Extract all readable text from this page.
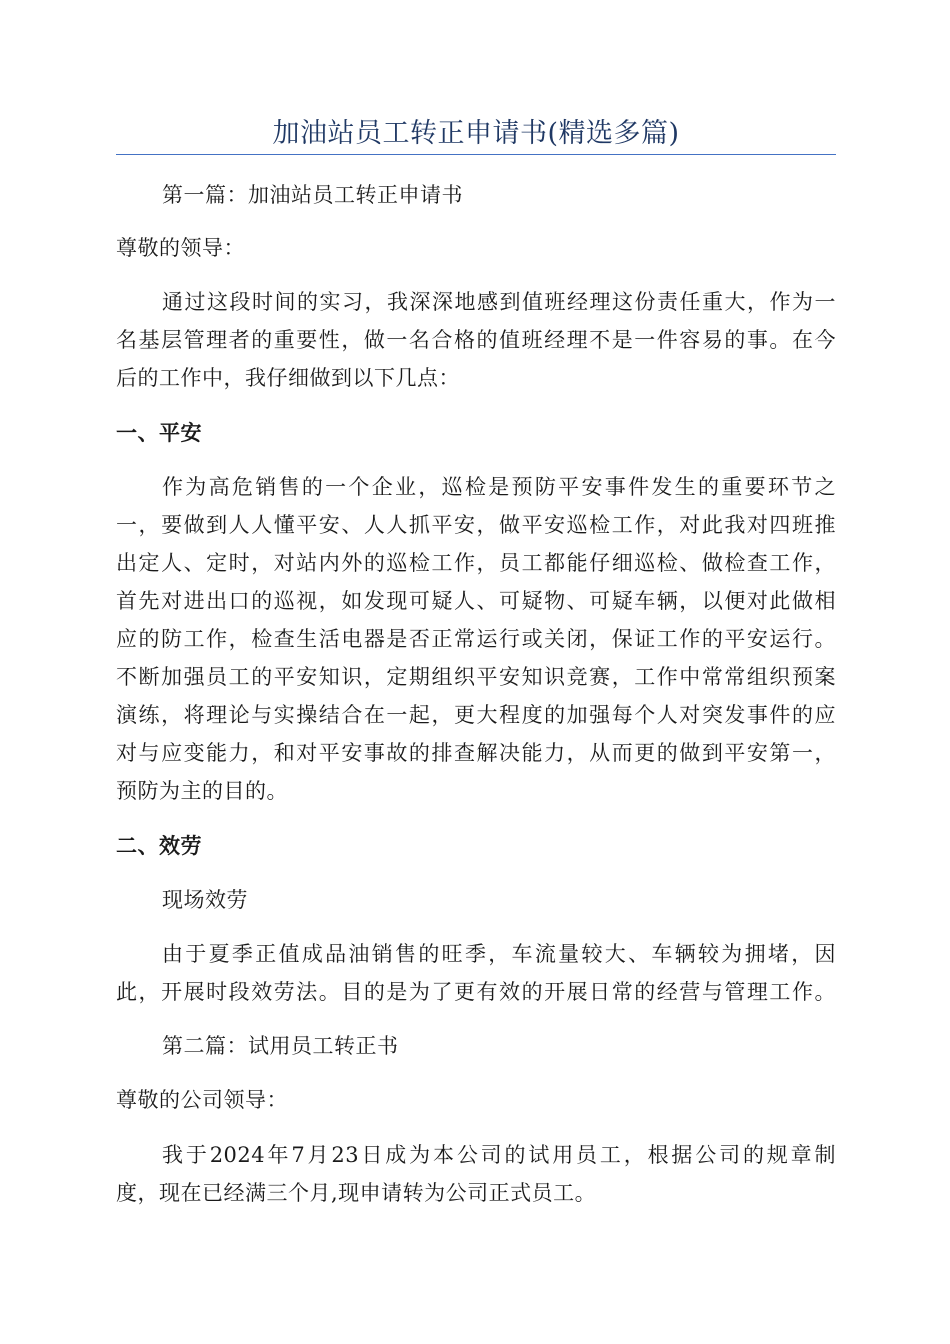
加油站员工转正申请书(精选多篇)
第一篇：加油站员工转正申请书
尊敬的领导：
通过这段时间的实习，我深深地感到值班经理这份责任重大，作为一
名基层管理者的重要性，做一名合格的值班经理不是一件容易的事。在今
后的工作中，我仔细做到以下几点：
一、平安
作为高危销售的一个企业，巡检是预防平安事件发生的重要环节之
一，要做到人人懂平安、人人抓平安，做平安巡检工作，对此我对四班推
出定人、定时，对站内外的巡检工作，员工都能仔细巡检、做检查工作，
首先对进出口的巡视，如发现可疑人、可疑物、可疑车辆，以便对此做相
应的防工作，检查生活电器是否正常运行或关闭，保证工作的平安运行。
不断加强员工的平安知识，定期组织平安知识竞赛，工作中常常组织预案
演练，将理论与实操结合在一起，更大程度的加强每个人对突发事件的应
对与应变能力，和对平安事故的排查解决能力，从而更的做到平安第一，
预防为主的目的。
二、效劳
现场效劳
由于夏季正值成品油销售的旺季，车流量较大、车辆较为拥堵，因
此，开展时段效劳法。目的是为了更有效的开展日常的经营与管理工作。
第二篇：试用员工转正书
尊敬的公司领导：
我于2024年7月23日成为本公司的试用员工，根据公司的规章制
度，现在已经满三个月,现申请转为公司正式员工。
